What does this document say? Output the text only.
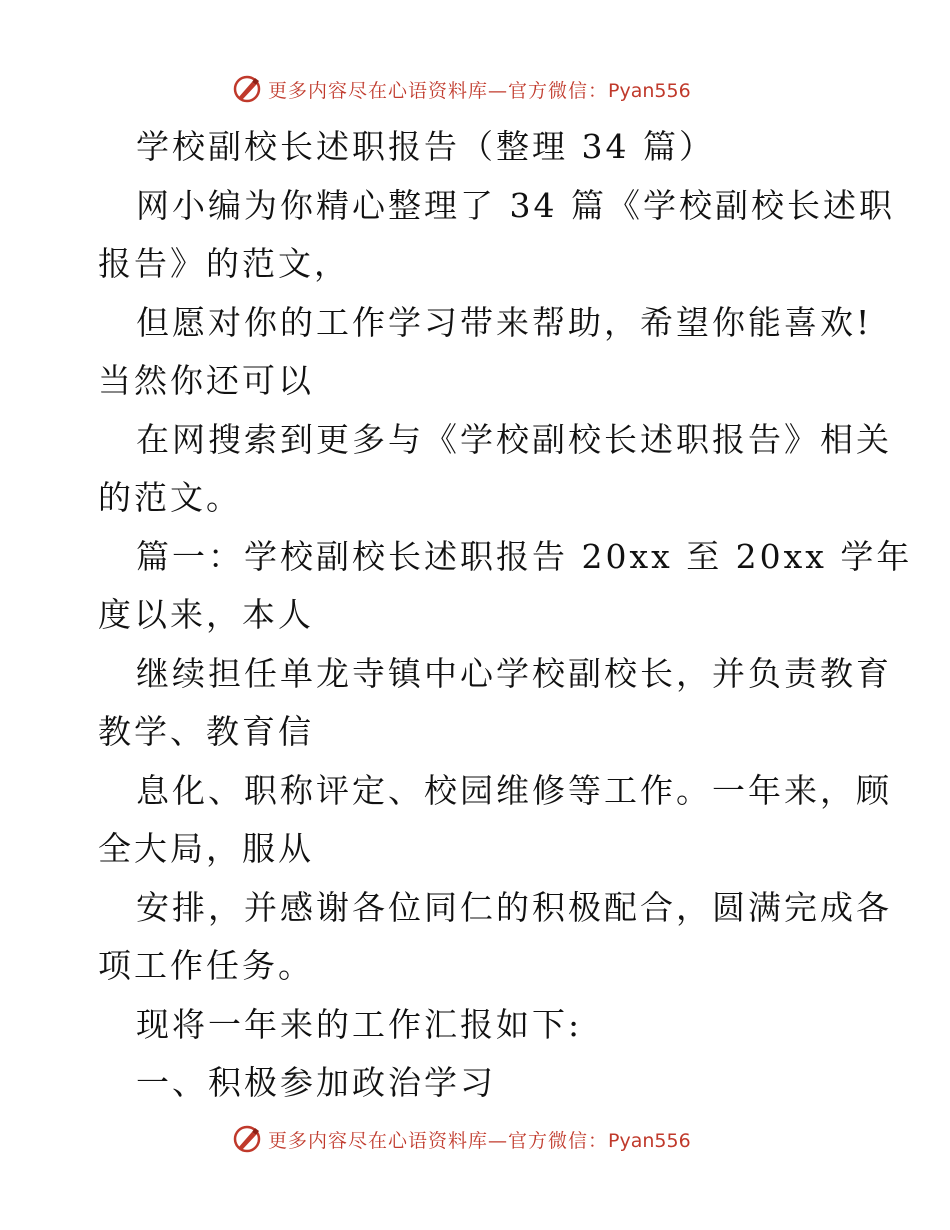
更多内容尽在心语资料库—官方微信：Pyan556
学校副校长述职报告（整理 34 篇）
网小编为你精心整理了 34 篇《学校副校长述职
报告》的范文，
但愿对你的工作学习带来帮助，希望你能喜欢!
当然你还可以
在网搜索到更多与《学校副校长述职报告》相关
的范文。
篇一：学校副校长述职报告 20xx 至 20xx 学年
度以来，本人
继续担任单龙寺镇中心学校副校长，并负责教育
教学、教育信
息化、职称评定、校园维修等工作。一年来，顾
全大局，服从
安排，并感谢各位同仁的积极配合，圆满完成各
项工作任务。
现将一年来的工作汇报如下:
一、积极参加政治学习
更多内容尽在心语资料库—官方微信：Pyan556
